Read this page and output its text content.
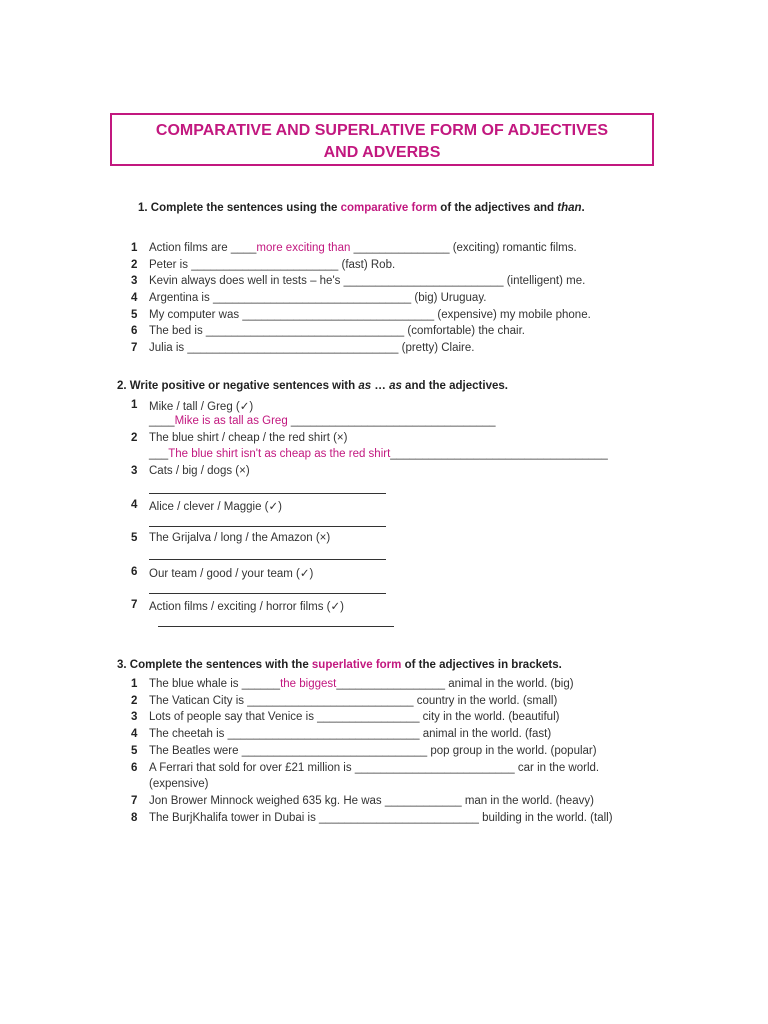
COMPARATIVE AND SUPERLATIVE FORM OF ADJECTIVES
AND ADVERBS
1. Complete the sentences using the comparative form of the adjectives and than.
1 Action films are ____more exciting than _______________ (exciting) romantic films.
2 Peter is _______________________ (fast) Rob.
3 Kevin always does well in tests – he's _________________________ (intelligent) me.
4 Argentina is _______________________________ (big) Uruguay.
5 My computer was ______________________________ (expensive) my mobile phone.
6 The bed is _______________________________ (comfortable) the chair.
7 Julia is _________________________________ (pretty) Claire.
1 Mike / tall / Greg (✓)
____Mike is as tall as Greg ________________________________
2 The blue shirt / cheap / the red shirt (×)
___The blue shirt isn't as cheap as the red shirt__________________________________
3 Cats / big / dogs (×)
4 Alice / clever / Maggie (✓)
5 The Grijalva / long / the Amazon (×)
6 Our team / good / your team (✓)
7 Action films / exciting / horror films (✓)
1 The blue whale is ______the biggest_________________ animal in the world. (big)
2 The Vatican City is __________________________ country in the world. (small)
3 Lots of people say that Venice is ________________ city in the world. (beautiful)
4 The cheetah is ______________________________ animal in the world. (fast)
5 The Beatles were _____________________________ pop group in the world. (popular)
6 A Ferrari that sold for over £21 million is _________________________ car in the world.
(expensive)
7 Jon Brower Minnock weighed 635 kg. He was ____________ man in the world. (heavy)
8 The BurjKhalifa tower in Dubai is _________________________ building in the world. (tall)
2. Write positive or negative sentences with as … as and the adjectives.
3. Complete the sentences with the superlative form of the adjectives in brackets.
